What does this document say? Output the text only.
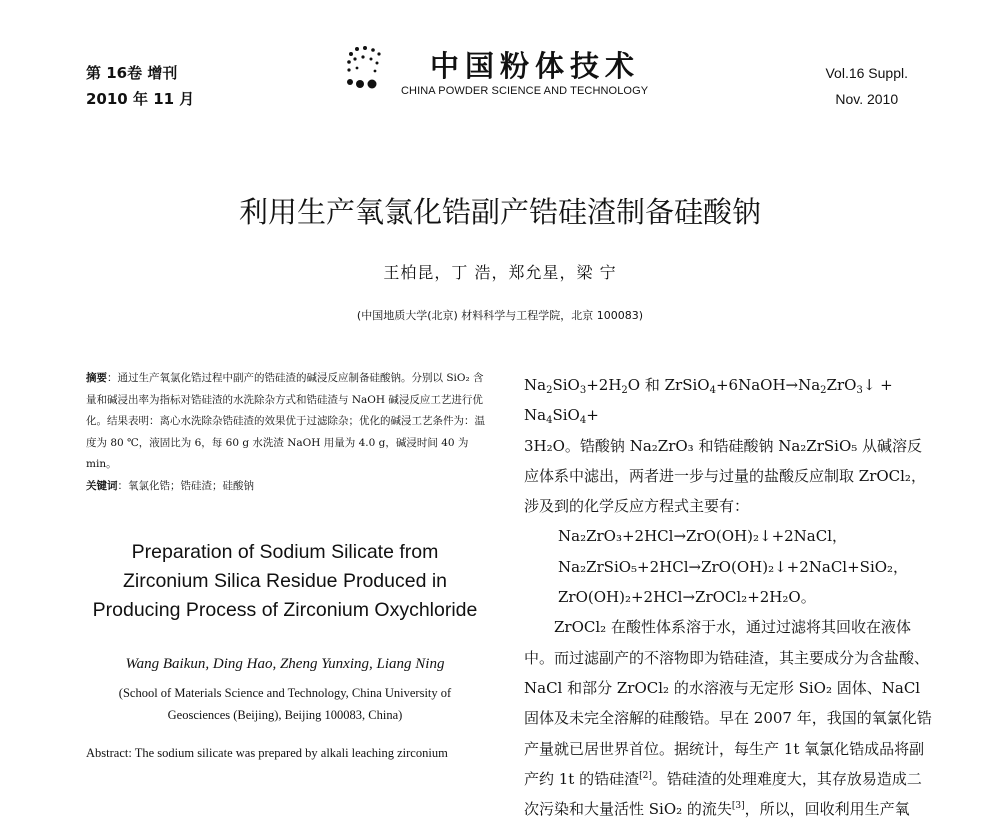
第 16卷 增刊
2010 年 11 月
中国粉体技术
CHINA POWDER SCIENCE AND TECHNOLOGY
Vol.16 Suppl.
Nov. 2010
利用生产氧氯化锆副产锆硅渣制备硅酸钠
王柏昆，丁 浩，郑允星，梁 宁
(中国地质大学(北京) 材料科学与工程学院，北京 100083)
摘要：通过生产氧氯化锆过程中副产的锆硅渣的碱浸反应制备硅酸钠。分别以 SiO₂ 含量和碱浸出率为指标对锆硅渣的水洗除杂方式和锆硅渣与 NaOH 碱浸反应工艺进行优化。结果表明：离心水洗除杂锆硅渣的效果优于过滤除杂；优化的碱浸工艺条件为：温度为 80 ℃，液固比为 6，每 60 g 水洗渣 NaOH 用量为 4.0 g，碱浸时间 40 为 min。
关键词：氧氯化锆；锆硅渣；硅酸钠
Preparation of Sodium Silicate from
Zirconium Silica Residue Produced in
Producing Process of Zirconium Oxychloride
Wang Baikun, Ding Hao, Zheng Yunxing, Liang Ning
(School of Materials Science and Technology, China University of
Geosciences (Beijing), Beijing 100083, China)
Abstract: The sodium silicate was prepared by alkali leaching zirconium

$Na_2SiO_3+2H_2O$ 和 $ZrSiO_4+6NaOH\to Na_2ZrO_3↓ + Na_4SiO_4+$

3H₂O。锆酸钠 Na₂ZrO₃ 和锆硅酸钠 Na₂ZrSiO₅ 从碱溶反应体系中滤出，两者进一步与过量的盐酸反应制取 ZrOCl₂，涉及到的化学反应方程式主要有：

Na₂ZrO₃+2HCl→ZrO(OH)₂↓+2NaCl，

Na₂ZrSiO₅+2HCl→ZrO(OH)₂↓+2NaCl+SiO₂，

ZrO(OH)₂+2HCl→ZrOCl₂+2H₂O。

ZrOCl₂ 在酸性体系溶于水，通过过滤将其回收在液体中。而过滤副产的不溶物即为锆硅渣，其主要成分为含盐酸、NaCl 和部分 ZrOCl₂ 的水溶液与无定形 SiO₂ 固体、NaCl 固体及未完全溶解的硅酸锆。早在 2007 年，我国的氧氯化锆产量就已居世界首位。据统计，每生产 1t 氧氯化锆成品将副产约 1t 的锆硅渣[2]。锆硅渣的处理难度大，其存放易造成二次污染和大量活性 SiO₂ 的流失[3]，所以，回收利用生产氧
